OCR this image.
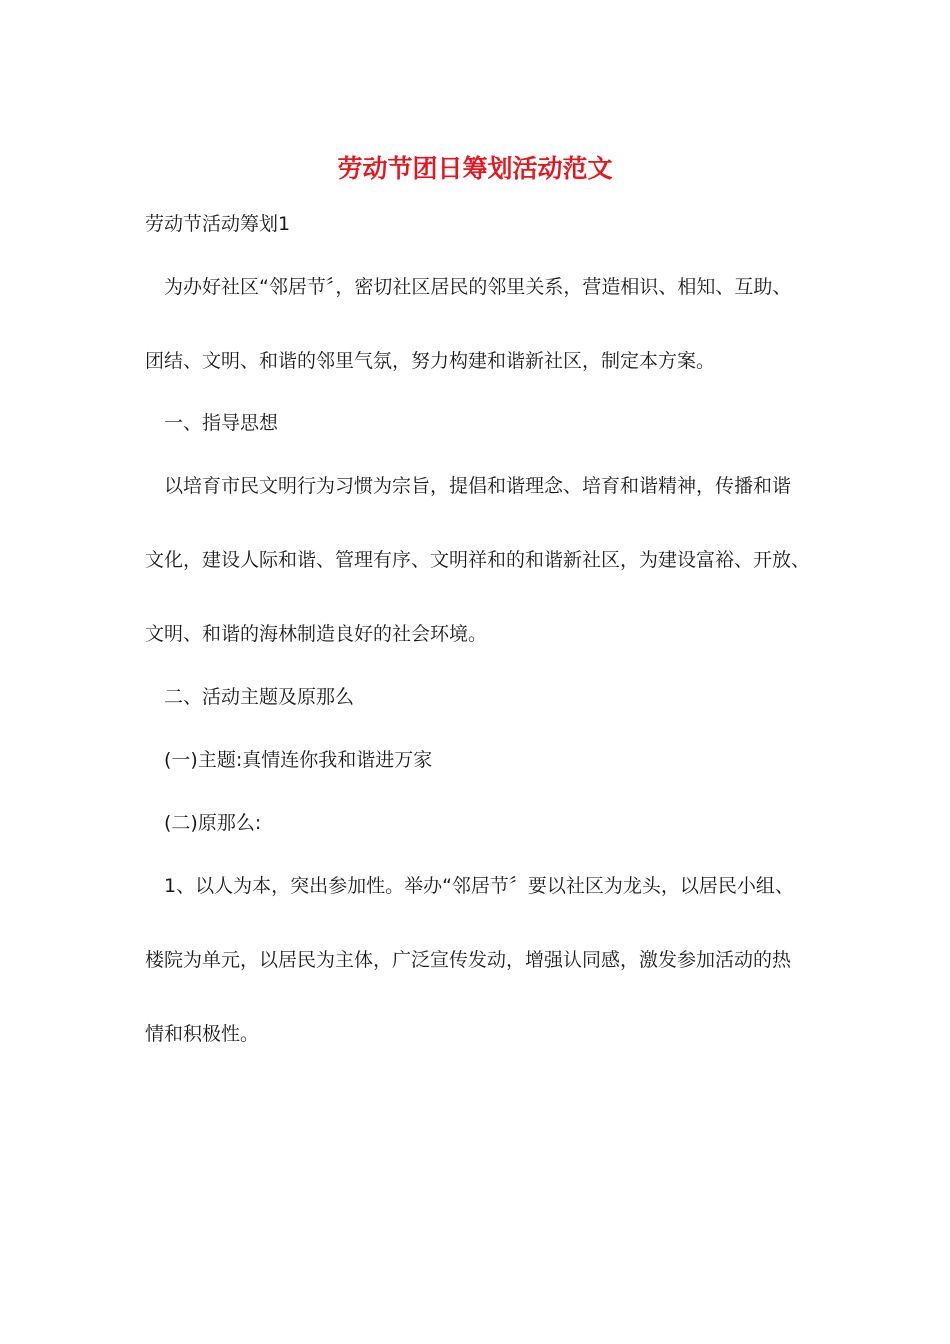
劳动节团日筹划活动范文

劳动节活动筹划1

为办好社区“邻居节〞，密切社区居民的邻里关系，营造相识、相知、互助、

团结、文明、和谐的邻里气氛，努力构建和谐新社区，制定本方案。

一、指导思想

以培育市民文明行为习惯为宗旨，提倡和谐理念、培育和谐精神，传播和谐

文化，建设人际和谐、管理有序、文明祥和的和谐新社区，为建设富裕、开放、

文明、和谐的海林制造良好的社会环境。

二、活动主题及原那么

(一)主题:真情连你我和谐进万家

(二)原那么:

1、以人为本，突出参加性。举办“邻居节〞要以社区为龙头，以居民小组、

楼院为单元，以居民为主体，广泛宣传发动，增强认同感，激发参加活动的热

情和积极性。
